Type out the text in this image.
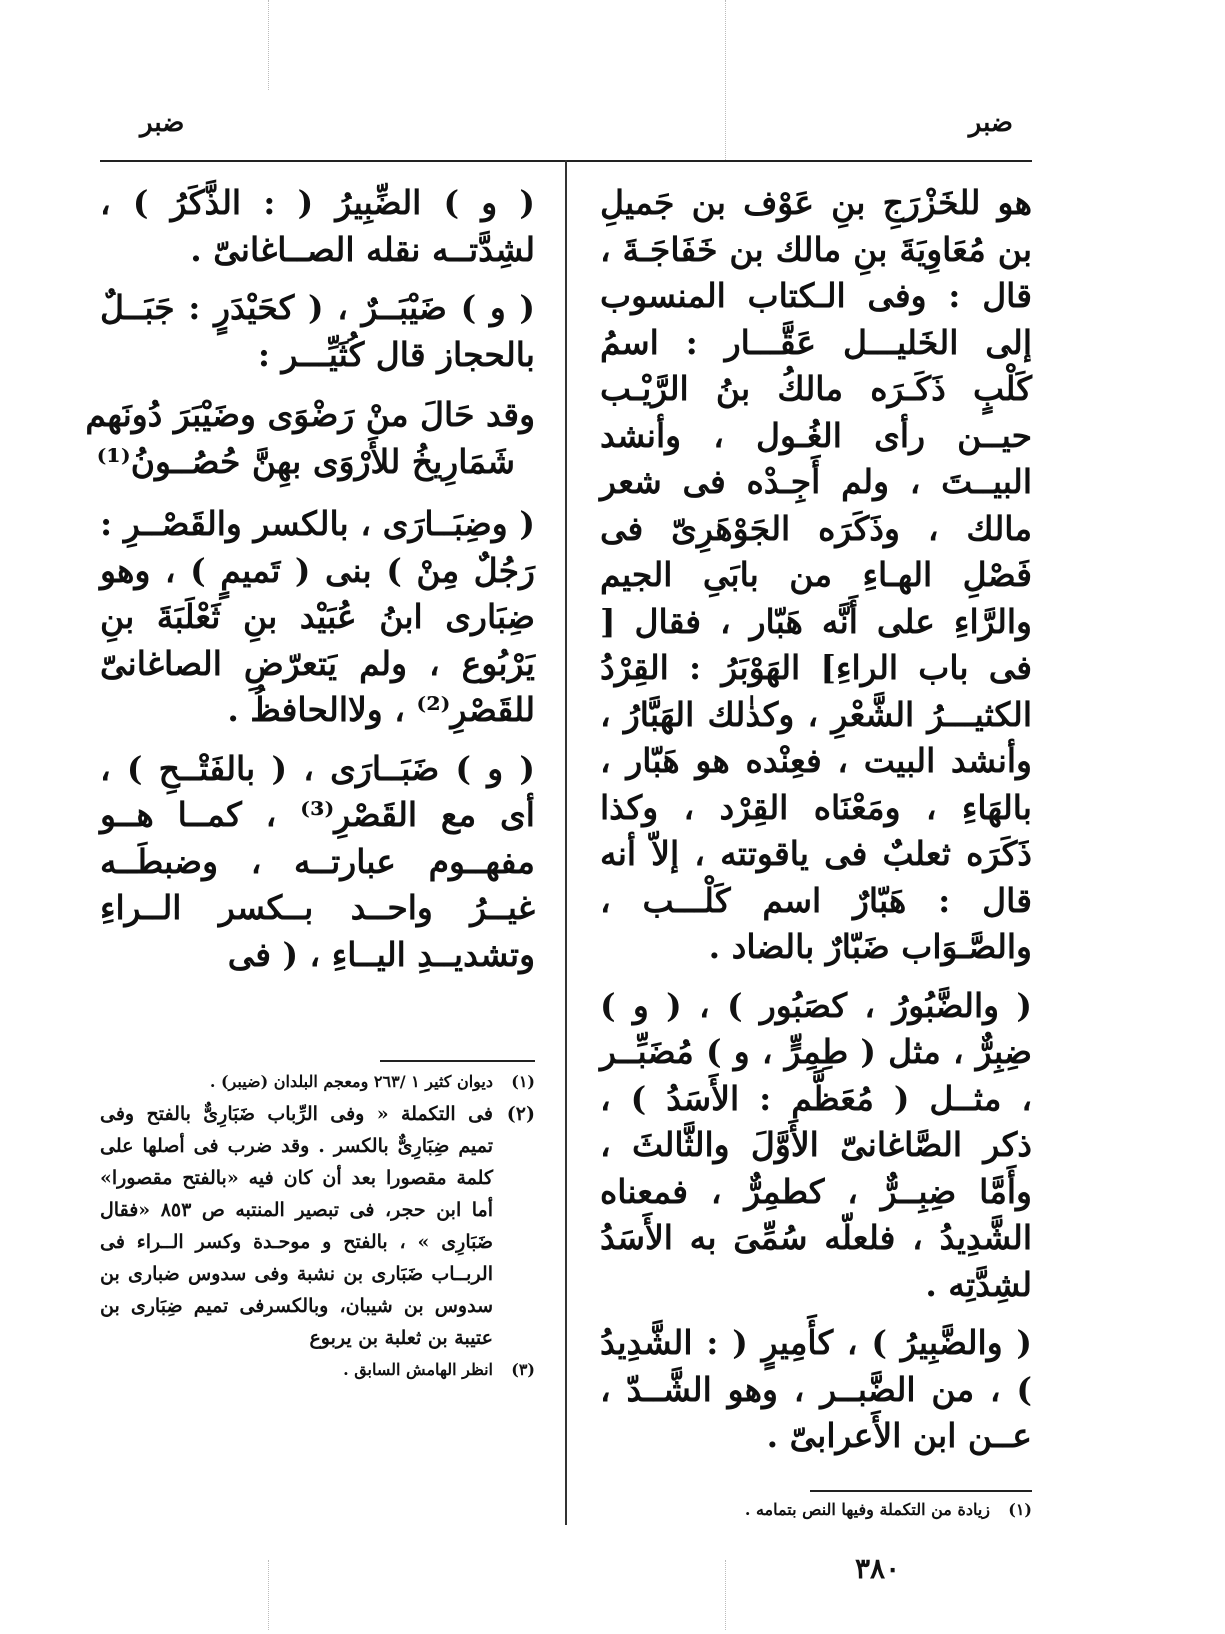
ضبر
ضبر

هو للخَزْرَجِ بنِ عَوْف بن جَميلِ بن مُعَاوِيَةَ بنِ مالك بن خَفَاجَـةَ ، قال : وفى الـكتاب المنسوب إلى الخَليـــل عَقَّـــار : اسمُ كَلْبٍ ذَكَـرَه مالكُ بنُ الرَّيْـب حيــن رأى الغُـول ، وأنشد البيــتَ ، ولم أَجِـدْه فى شعر مالك ، وذَكَرَه الجَوْهَرِىّ فى فَصْلِ الهـاءِ من بابَىِ الجيم والرَّاءِ على أَنَّه هَبّار ، فقال [ فى باب الراءِ] الهَوْبَرُ : القِرْدُ الكثيـــرُ الشَّعْرِ ، وكذٰلك الهَبَّارُ ، وأنشد البيت ، فعِنْده هو هَبّار ، بالهَاءِ ، ومَعْنَاه القِرْد ، وكذا ذَكَرَه ثعلبٌ فى ياقوتته ، إلاّ أنه قال : هَبّارٌ اسم كَلْـــب ، والصَّـوَاب ضَبّارٌ بالضاد .

( والضَّبُورُ ، كصَبُور ) ، ( و ) ضِبِرٌّ ، مثل ( طِمِرٍّ ، و ) مُضَبِّــر ، مثــل ( مُعَظَّم : الأَسَدُ ) ، ذكر الصَّاغانىّ الأَوَّلَ والثَّالثَ ، وأَمَّا ضِبِــرٌّ ، كطمِرٌّ ، فمعناه الشَّدِيدُ ، فلعلّه سُمِّىَ به الأَسَدُ لشِدَّتِه .

( والضَّبِيرُ ) ، كأَمِيرٍ ( : الشَّدِيدُ ) ، من الضَّبــر ، وهو الشَّــدّ ، عــن ابن الأَعرابىّ .

( و ) الضِّبِيرُ ( : الذَّكَرُ ) ، لشِدَّتــه نقله الصــاغانىّ .

( و ) ضَيْبَــرٌ ، ( كحَيْدَرٍ : جَبَــلٌ بالحجاز قال كُثَيِّـــر :

وقد حَالَ منْ رَضْوَى وضَيْبَرَ دُونَهم
شَمَارِيخُ للأَرْوَى بهِنَّ حُصُــونُ⁽¹⁾

( وضِبَــارَى ، بالكسر والقَصْــرِ : رَجُلٌ مِنْ ) بنى ( تَميمٍ ) ، وهو ضِبَارى ابنُ عُبَيْد بنِ ثَعْلَبَةَ بنِ يَرْبُوع ، ولم يَتعرّضِ الصاغانىّ للقَصْرِ⁽²⁾ ، ولاالحافظُ .

( و ) ضَبَــارَى ، ( بالفَتْــحِ ) ، أى مع القَصْرِ⁽³⁾ ، كمــا هــو مفهــوم عبارتــه ، وضبطَــه غيــرُ واحــد بــكسر الــراءِ وتشديــدِ اليــاءِ ، ( فى

(١)
ديوان كثير ١ /٢٦٣ ومعجم البلدان (ضيبر) .
(٢)
فى التكملة « وفى الرِّباب ضَبَارِىٌّ بالفتح وفى تميم ضِبَارِىٌّ بالكسر . وقد ضرب فى أصلها على كلمة مقصورا بعد أن كان فيه «بالفتح مقصورا» أما ابن حجر، فى تبصير المنتبه ص ٨٥٣ «فقال ضَبَارِى » ، بالفتح و موحـدة وكسر الــراء فى الربــاب ضَبَارى بن نشبة وفى سدوس ضبارى بن سدوس بن شيبان، وبالكسرفى تميم ضِبَارى بن عتيبة بن ثعلبة بن يربوع
(٣)
انظر الهامش السابق .
(١)
زيادة من التكملة وفيها النص بتمامه .
٣٨٠
